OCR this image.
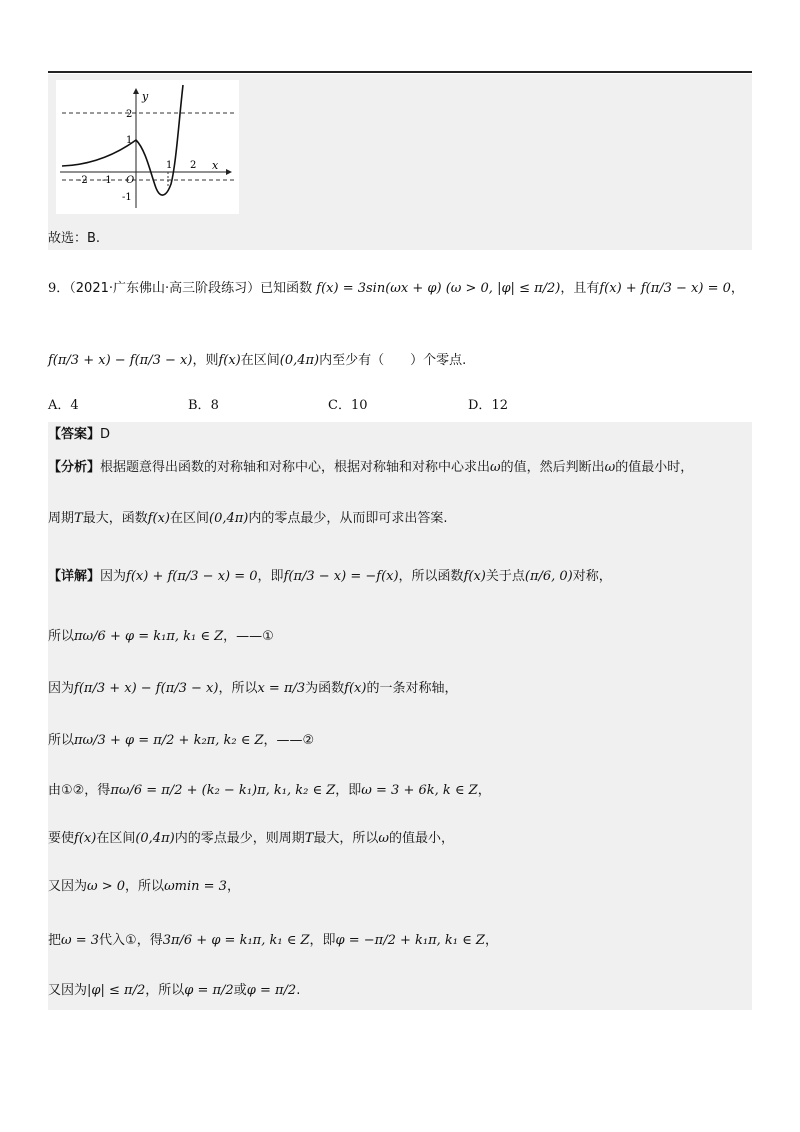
y
x
2
1
-1
-2 -1 O
1 2
故选：B.
9．（2021·广东佛山·高三阶段练习）已知函数 f(x) = 3sin(ωx + φ) (ω > 0, |φ| ≤ π/2)，且有f(x) + f(π/3 − x) = 0，
f(π/3 + x) − f(π/3 − x)，则f(x)在区间(0,4π)内至少有（　　）个零点.
A．4	B．8	C．10	D．12
【答案】D
【分析】根据题意得出函数的对称轴和对称中心，根据对称轴和对称中心求出ω的值，然后判断出ω的值最小时，
周期T最大，函数f(x)在区间(0,4π)内的零点最少，从而即可求出答案.
【详解】因为f(x) + f(π/3 − x) = 0，即f(π/3 − x) = −f(x)，所以函数f(x)关于点(π/6, 0)对称，
所以πω/6 + φ = k₁π, k₁ ∈ Z，——①
因为f(π/3 + x) − f(π/3 − x)，所以x = π/3为函数f(x)的一条对称轴，
所以πω/3 + φ = π/2 + k₂π, k₂ ∈ Z，——②
由①②，得πω/6 = π/2 + (k₂ − k₁)π, k₁, k₂ ∈ Z，即ω = 3 + 6k, k ∈ Z，
要使f(x)在区间(0,4π)内的零点最少，则周期T最大，所以ω的值最小，
又因为ω > 0，所以ωmin = 3，
把ω = 3代入①，得3π/6 + φ = k₁π, k₁ ∈ Z，即φ = −π/2 + k₁π, k₁ ∈ Z，
又因为|φ| ≤ π/2，所以φ = π/2或φ = π/2.
